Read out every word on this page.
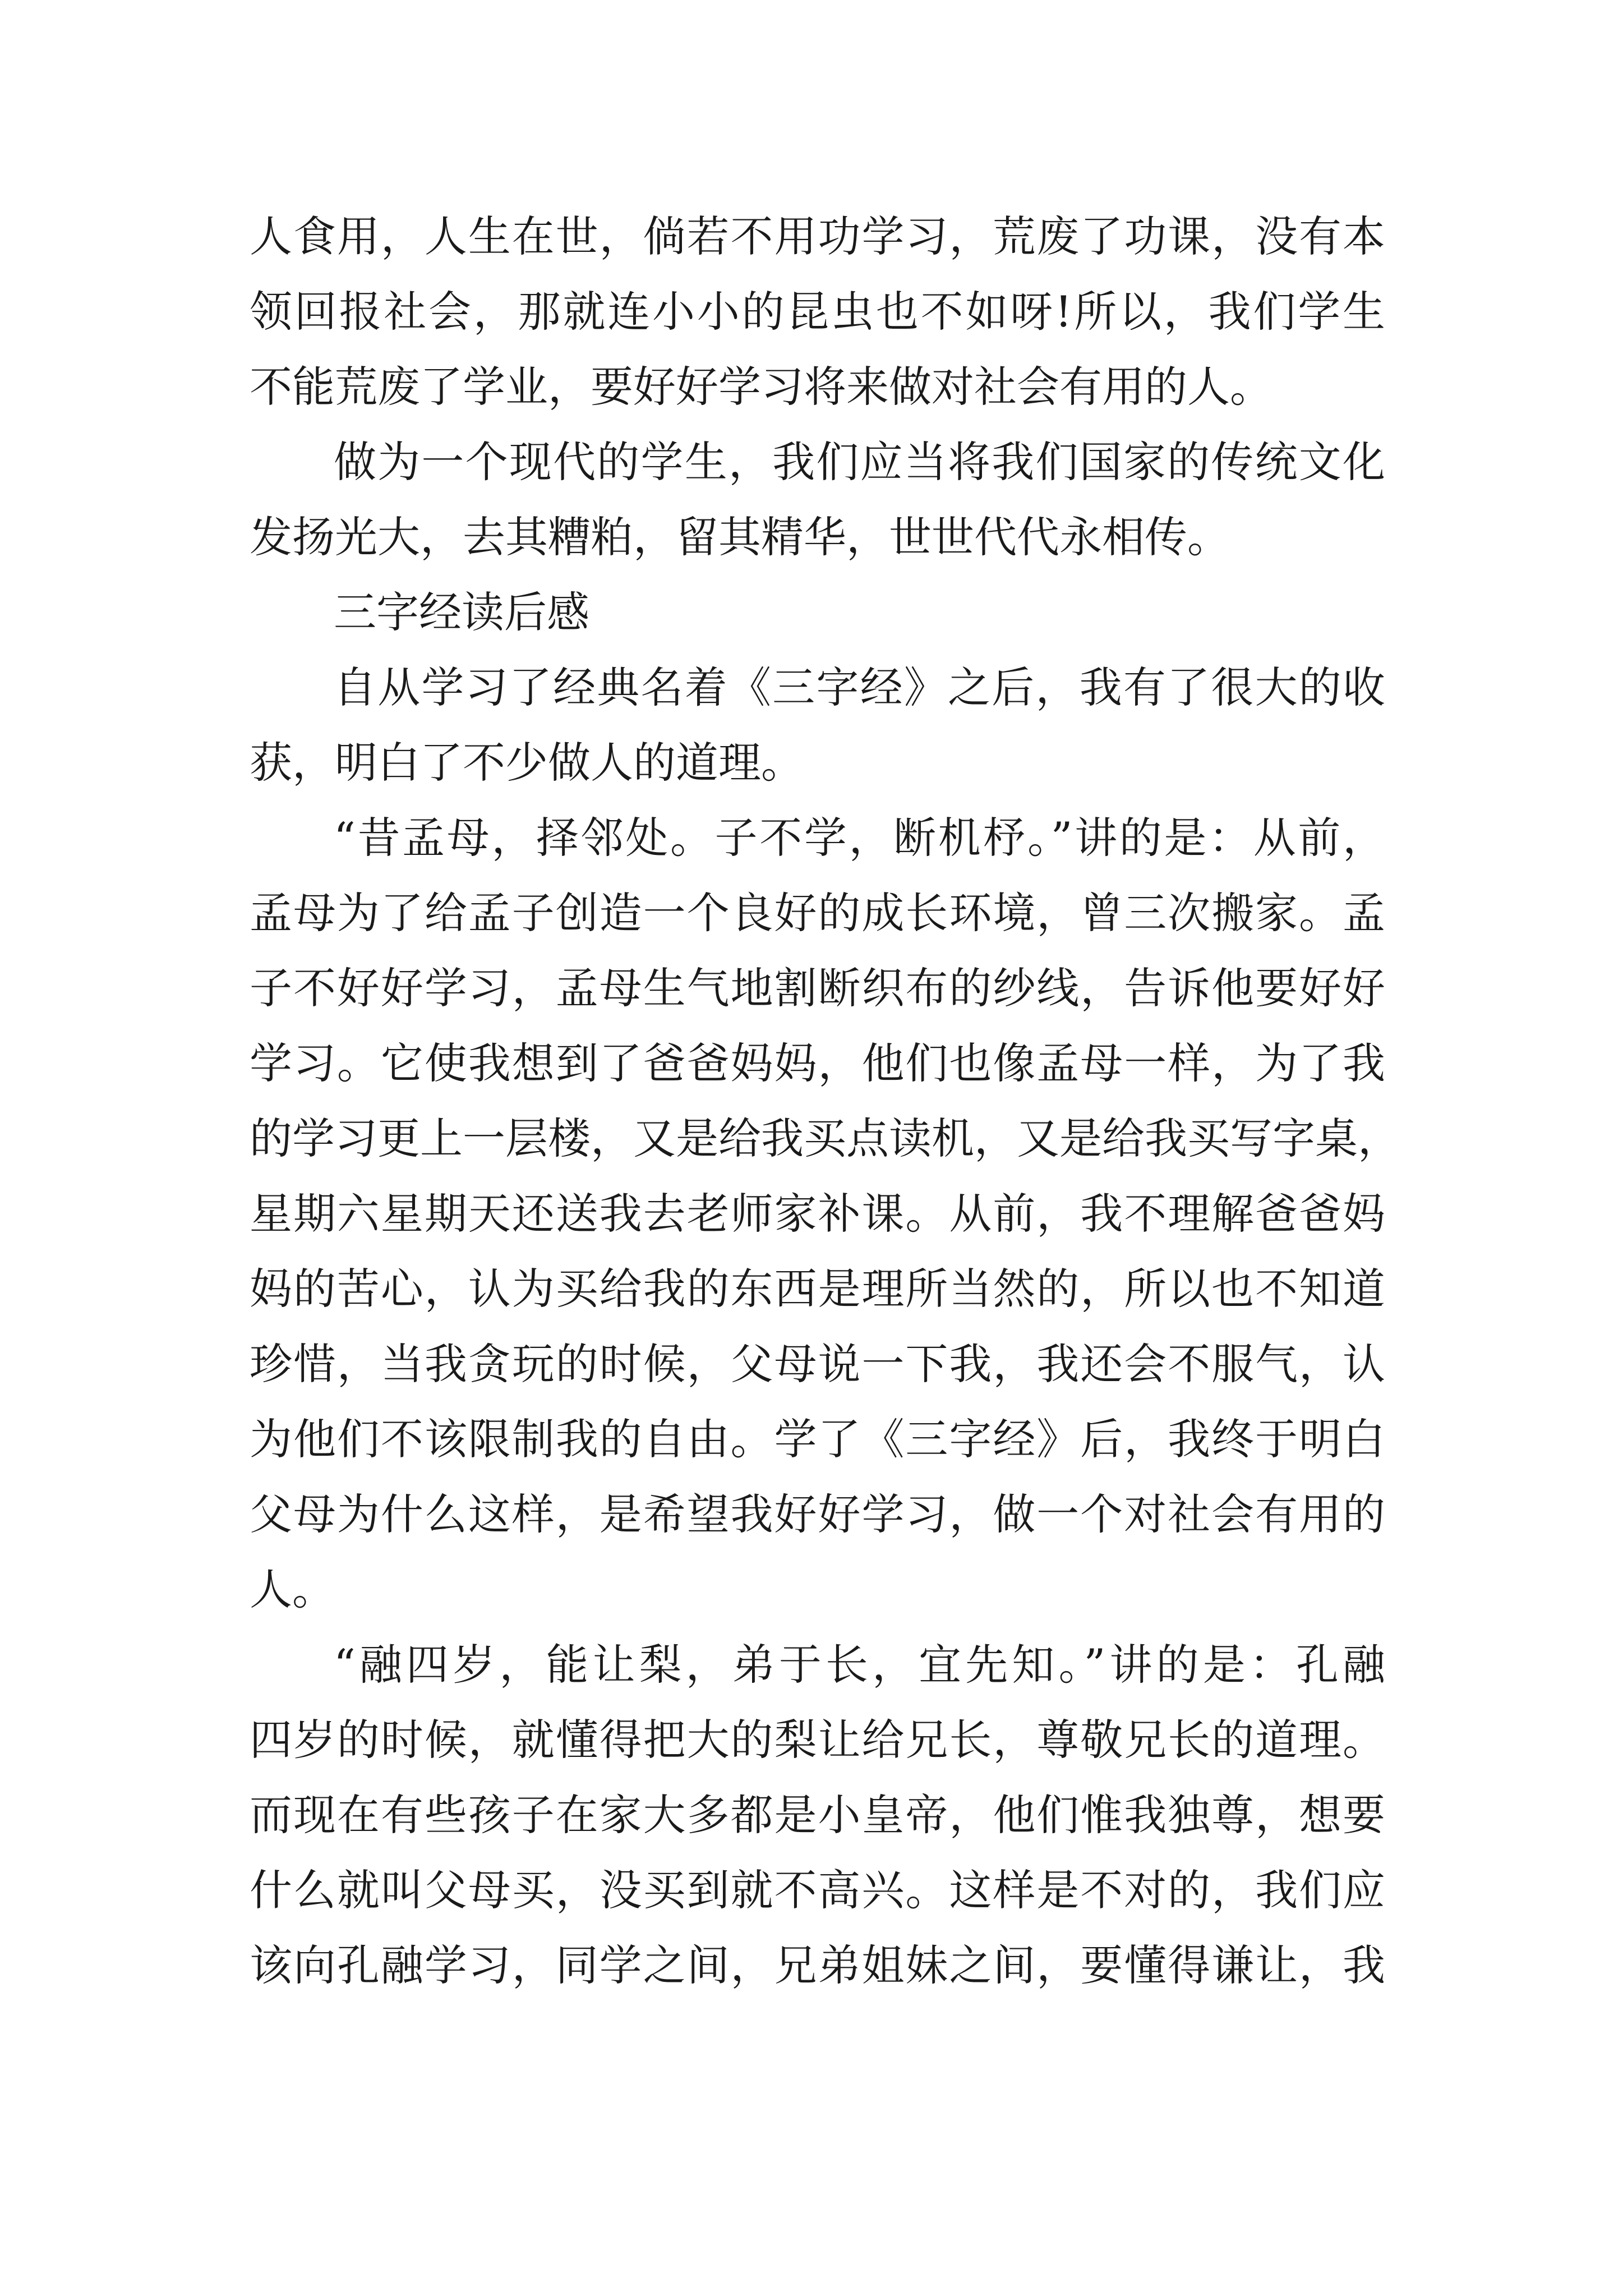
人食用，人生在世，倘若不用功学习，荒废了功课，没有本
领回报社会，那就连小小的昆虫也不如呀!所以，我们学生
不能荒废了学业，要好好学习将来做对社会有用的人。
做为一个现代的学生，我们应当将我们国家的传统文化
发扬光大，去其糟粕，留其精华，世世代代永相传。
三字经读后感
自从学习了经典名着《三字经》之后，我有了很大的收
获，明白了不少做人的道理。
“昔孟母，择邻处。子不学，断机杼。”讲的是：从前，
孟母为了给孟子创造一个良好的成长环境，曾三次搬家。孟
子不好好学习，孟母生气地割断织布的纱线，告诉他要好好
学习。它使我想到了爸爸妈妈，他们也像孟母一样，为了我
的学习更上一层楼，又是给我买点读机，又是给我买写字桌，
星期六星期天还送我去老师家补课。从前，我不理解爸爸妈
妈的苦心，认为买给我的东西是理所当然的，所以也不知道
珍惜，当我贪玩的时候，父母说一下我，我还会不服气，认
为他们不该限制我的自由。学了《三字经》后，我终于明白
父母为什么这样，是希望我好好学习，做一个对社会有用的
人。
“融四岁，能让梨，弟于长，宜先知。”讲的是：孔融
四岁的时候，就懂得把大的梨让给兄长，尊敬兄长的道理。
而现在有些孩子在家大多都是小皇帝，他们惟我独尊，想要
什么就叫父母买，没买到就不高兴。这样是不对的，我们应
该向孔融学习，同学之间，兄弟姐妹之间，要懂得谦让，我
